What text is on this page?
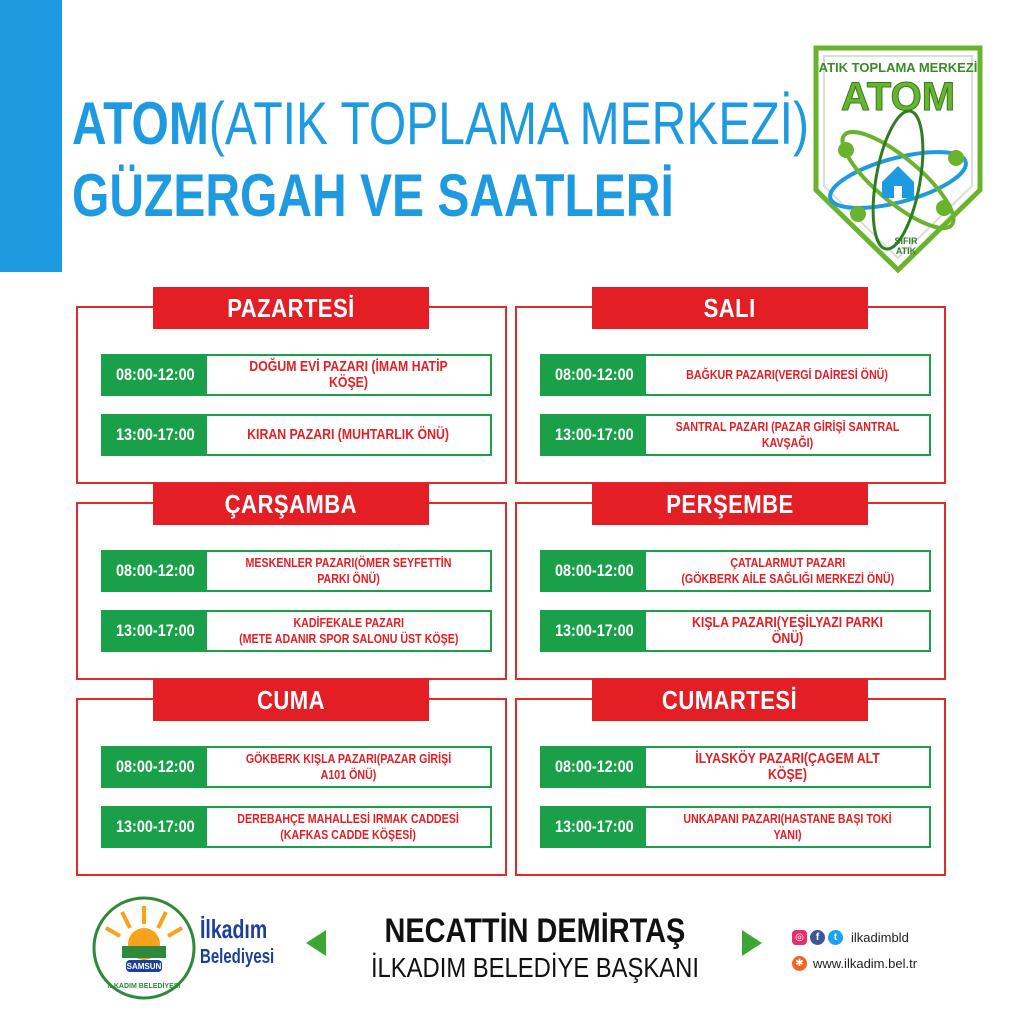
ATOM(ATIK TOPLAMA MERKEZİ)
GÜZERGAH VE SAATLERİ
ATIK TOPLAMA MERKEZİ
ATOM
SIFIR
ATIK
PAZARTESİ
08:00-12:00	DOĞUM EVİ PAZARI (İMAM HATİP KÖŞE)
13:00-17:00	KIRAN PAZARI (MUHTARLIK ÖNÜ)
SALI
08:00-12:00	BAĞKUR PAZARI(VERGİ DAİRESİ ÖNÜ)
13:00-17:00	SANTRAL PAZARI (PAZAR GİRİŞİ SANTRAL KAVŞAĞI)
ÇARŞAMBA
08:00-12:00	MESKENLER PAZARI(ÖMER SEYFETTİN PARKI ÖNÜ)
13:00-17:00	KADİFEKALE PAZARI
(METE ADANIR SPOR SALONU ÜST KÖŞE)
PERŞEMBE
08:00-12:00	ÇATALARMUT PAZARI
(GÖKBERK AİLE SAĞLIĞI MERKEZİ ÖNÜ)
13:00-17:00	KIŞLA PAZARI(YEŞİLYAZI PARKI ÖNÜ)
CUMA
08:00-12:00	GÖKBERK KIŞLA PAZARI(PAZAR GİRİŞİ A101 ÖNÜ)
13:00-17:00	DEREBAHÇE MAHALLESİ IRMAK CADDESİ
(KAFKAS CADDE KÖŞESİ)
CUMARTESİ
08:00-12:00	İLYASKÖY PAZARI(ÇAGEM ALT KÖŞE)
13:00-17:00	UNKAPANI PAZARI(HASTANE BAŞI TOKİ YANI)
SAMSUN
İLKADIM BELEDİYESİ
İlkadım
Belediyesi
NECATTİN DEMİRTAŞ
İLKADIM BELEDİYE BAŞKANI
◎	f	t	ilkadimbld
✱ www.ilkadim.bel.tr
